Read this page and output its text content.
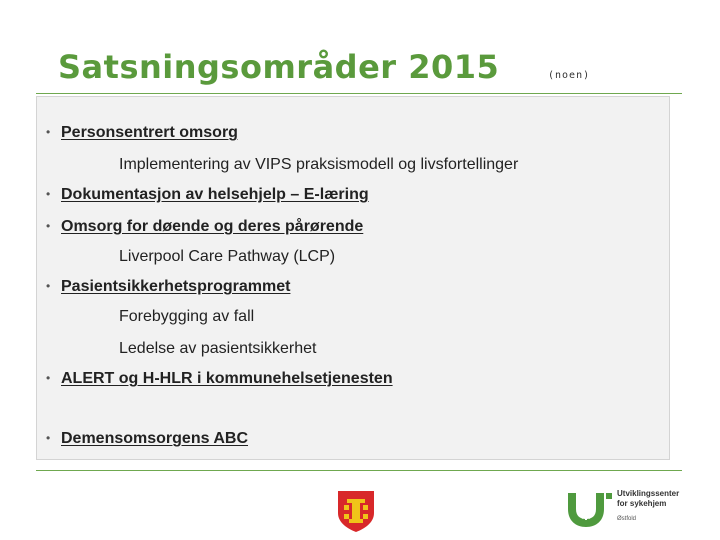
Satsningsområder 2015	(noen)
• Personsentrert omsorg
Implementering av VIPS praksismodell og livsfortellinger
• Dokumentasjon av helsehjelp – E-læring
• Omsorg for døende og deres pårørende
Liverpool Care Pathway (LCP)
• Pasientsikkerhetsprogrammet
Forebygging av fall
Ledelse av pasientsikkerhet
• ALERT og H-HLR i kommunehelsetjenesten
• Demensomsorgens ABC
Utviklingssenter
for sykehjem
Østfold
